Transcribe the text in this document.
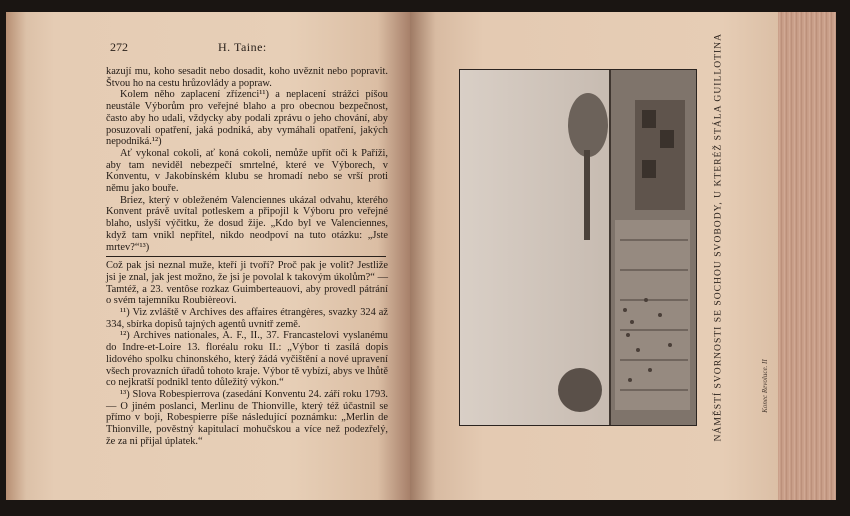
272	H. Taine:

kazují mu, koho sesadit nebo dosadit, koho uvěznit nebo popravit. Štvou ho na cestu hrůzovlády a popraw.

Kolem něho zaplacení zřízenci¹¹) a neplacení strážci píšou neustále Výborům pro veřejné blaho a pro obecnou bezpečnost, často aby ho udali, vždycky aby podali zprávu o jeho chování, aby posuzovali opatření, jaká podniká, aby vymáhali opatření, jakých nepodniká.¹²)

Ať vykonal cokoli, ať koná cokoli, nemůže upřít oči k Paříži, aby tam neviděl nebezpečí smrtelné, které ve Výborech, v Konventu, v Jakobínském klubu se hromadí nebo se vrší proti němu jako bouře.

Briez, který v obleženém Valenciennes ukázal odvahu, kterého Konvent právě uvítal potleskem a připojil k Výboru pro veřejné blaho, uslyší výčitku, že dosud žije. „Kdo byl ve Valenciennes, když tam vnikl nepřítel, nikdo neodpoví na tuto otázku: „Jste mrtev?“¹³)

Což pak jsi neznal muže, kteří ji tvoří? Proč pak je volit? Jestliže jsi je znal, jak jest možno, že jsi je povolal k takovým úkolům?“ — Tamtéž, a 23. ventôse rozkaz Guimberteauovi, aby provedl pátrání o svém tajemníku Roubièreovi.

¹¹) Viz zvláště v Archives des affaires étrangères, svazky 324 až 334, sbírka dopisů tajných agentů uvnitř země.

¹²) Archives nationales, A. F., II., 37. Francastelovi vyslanému do Indre-et-Loire 13. floréalu roku II.: „Výbor ti zasílá dopis lidového spolku chinonského, který žádá vyčištění a nové upravení všech provazních úřadů tohoto kraje. Výbor tě vybízí, abys ve lhůtě co nejkratší podnikl tento důležitý výkon.“

¹³) Slova Robespierrova (zasedání Konventu 24. září roku 1793. — O jiném poslanci, Merlinu de Thionville, který též účastnil se přímo v boji, Robespierre píše následující poznámku: „Merlin de Thionville, pověstný kapitulací mohučskou a více než podezřelý, že za ni přijal úplatek.“	NÁMĚSTÍ SVORNOSTI SE SOCHOU SVOBODY, U KTERÉŽ STÁLA GUILLOTINA	Konec Revoluce. II
